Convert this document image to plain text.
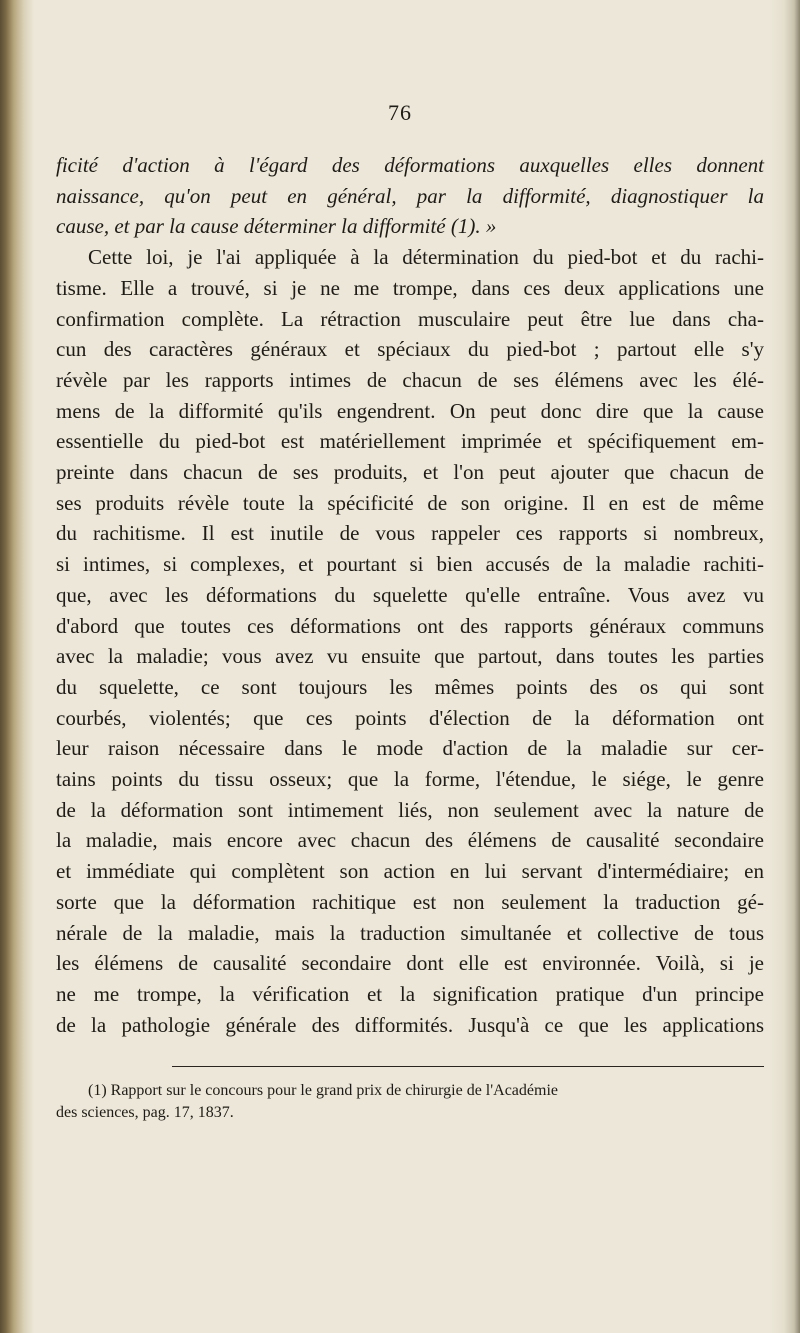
76
ficité d'action à l'égard des déformations auxquelles elles donnent
naissance, qu'on peut en général, par la difformité, diagnostiquer la
cause, et par la cause déterminer la difformité (1). »
Cette loi, je l'ai appliquée à la détermination du pied-bot et du rachi-
tisme. Elle a trouvé, si je ne me trompe, dans ces deux applications une
confirmation complète. La rétraction musculaire peut être lue dans cha-
cun des caractères généraux et spéciaux du pied-bot ; partout elle s'y
révèle par les rapports intimes de chacun de ses élémens avec les élé-
mens de la difformité qu'ils engendrent. On peut donc dire que la cause
essentielle du pied-bot est matériellement imprimée et spécifiquement em-
preinte dans chacun de ses produits, et l'on peut ajouter que chacun de
ses produits révèle toute la spécificité de son origine. Il en est de même
du rachitisme. Il est inutile de vous rappeler ces rapports si nombreux,
si intimes, si complexes, et pourtant si bien accusés de la maladie rachiti-
que, avec les déformations du squelette qu'elle entraîne. Vous avez vu
d'abord que toutes ces déformations ont des rapports généraux communs
avec la maladie; vous avez vu ensuite que partout, dans toutes les parties
du squelette, ce sont toujours les mêmes points des os qui sont
courbés, violentés; que ces points d'élection de la déformation ont
leur raison nécessaire dans le mode d'action de la maladie sur cer-
tains points du tissu osseux; que la forme, l'étendue, le siége, le genre
de la déformation sont intimement liés, non seulement avec la nature de
la maladie, mais encore avec chacun des élémens de causalité secondaire
et immédiate qui complètent son action en lui servant d'intermédiaire; en
sorte que la déformation rachitique est non seulement la traduction gé-
nérale de la maladie, mais la traduction simultanée et collective de tous
les élémens de causalité secondaire dont elle est environnée. Voilà, si je
ne me trompe, la vérification et la signification pratique d'un principe
de la pathologie générale des difformités. Jusqu'à ce que les applications
(1) Rapport sur le concours pour le grand prix de chirurgie de l'Académie
des sciences, pag. 17, 1837.
